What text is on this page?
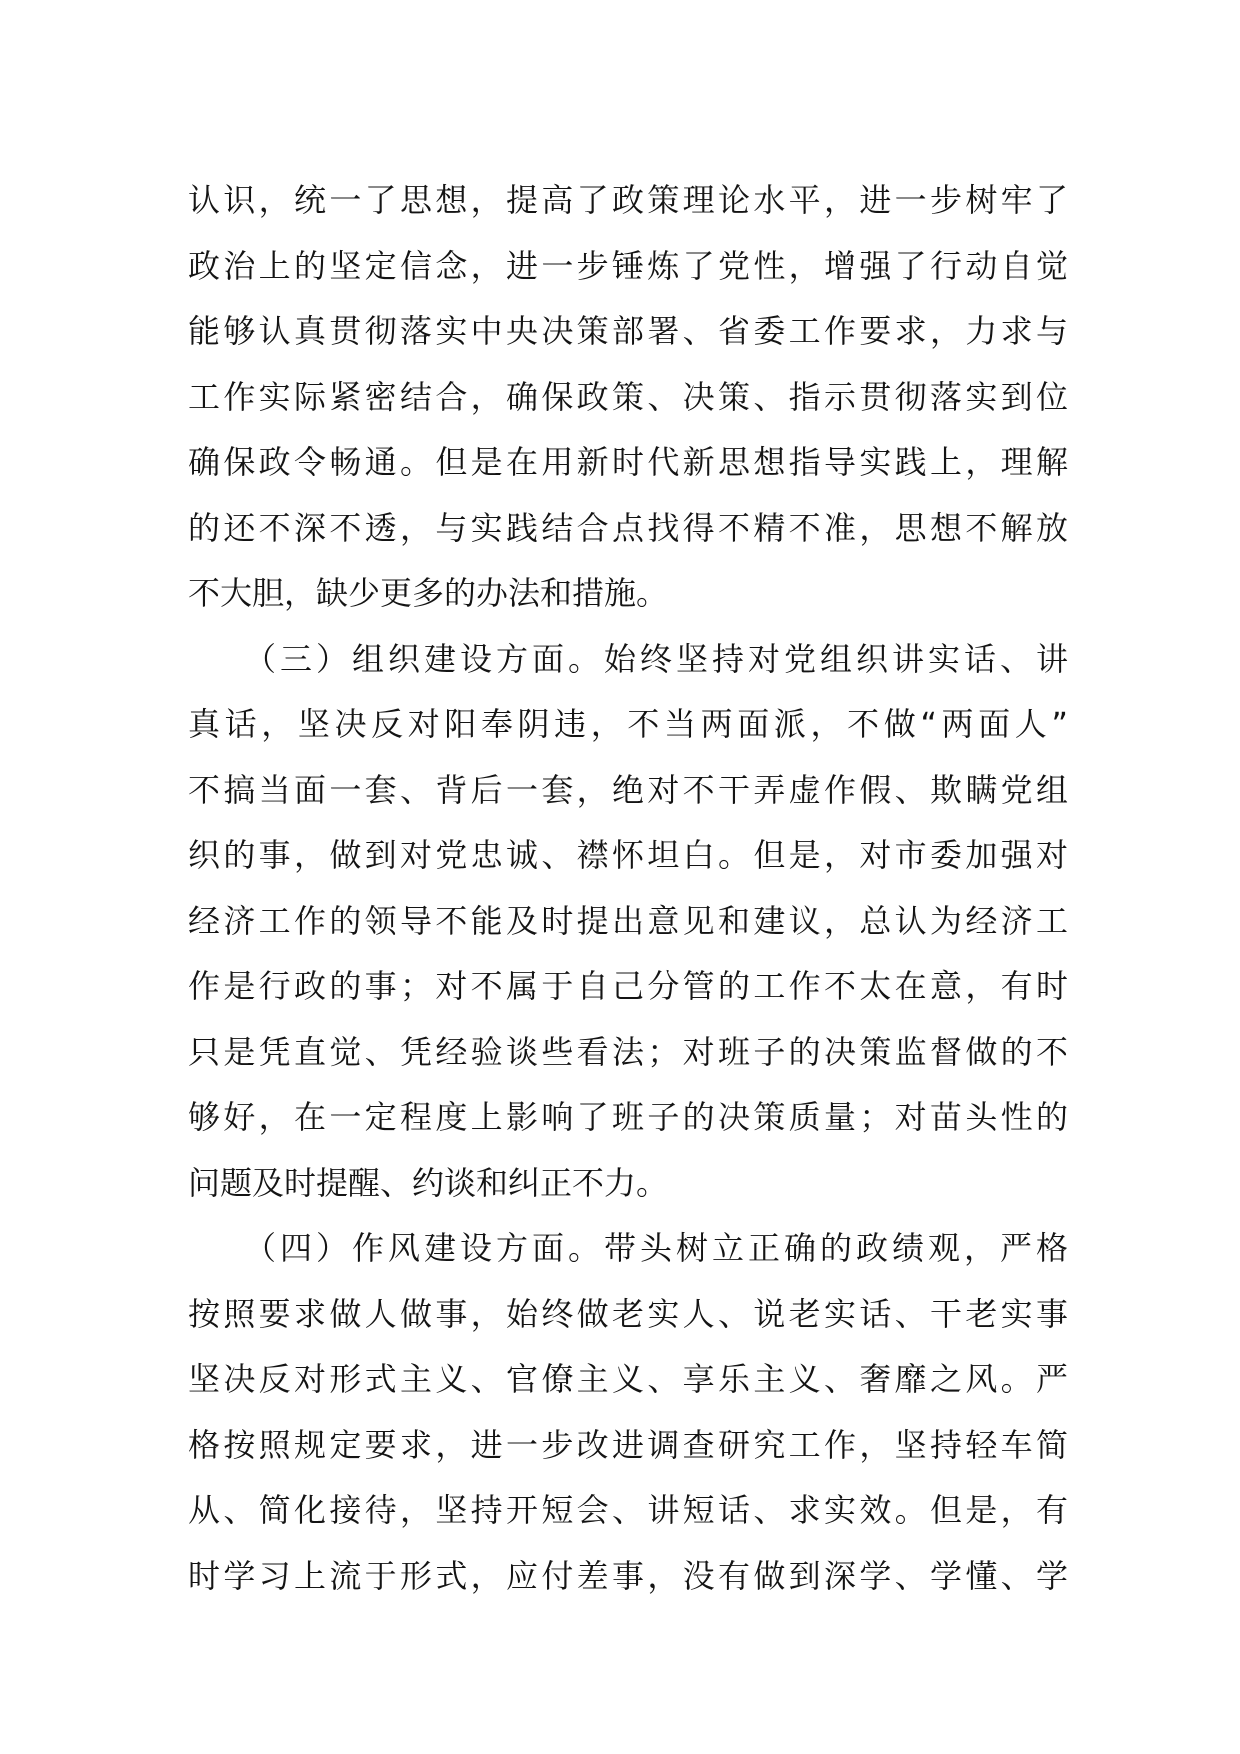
认识，统一了思想，提高了政策理论水平，进一步树牢了
政治上的坚定信念，进一步锤炼了党性，增强了行动自觉
能够认真贯彻落实中央决策部署、省委工作要求，力求与
工作实际紧密结合，确保政策、决策、指示贯彻落实到位
确保政令畅通。但是在用新时代新思想指导实践上，理解
的还不深不透，与实践结合点找得不精不准，思想不解放
不大胆，缺少更多的办法和措施。
　　（三）组织建设方面。始终坚持对党组织讲实话、讲
真话，坚决反对阳奉阴违，不当两面派，不做“两面人”
不搞当面一套、背后一套，绝对不干弄虚作假、欺瞒党组
织的事，做到对党忠诚、襟怀坦白。但是，对市委加强对
经济工作的领导不能及时提出意见和建议，总认为经济工
作是行政的事；对不属于自己分管的工作不太在意，有时
只是凭直觉、凭经验谈些看法；对班子的决策监督做的不
够好，在一定程度上影响了班子的决策质量；对苗头性的
问题及时提醒、约谈和纠正不力。
　　（四）作风建设方面。带头树立正确的政绩观，严格
按照要求做人做事，始终做老实人、说老实话、干老实事
坚决反对形式主义、官僚主义、享乐主义、奢靡之风。严
格按照规定要求，进一步改进调查研究工作，坚持轻车简
从、简化接待，坚持开短会、讲短话、求实效。但是，有
时学习上流于形式，应付差事，没有做到深学、学懂、学
